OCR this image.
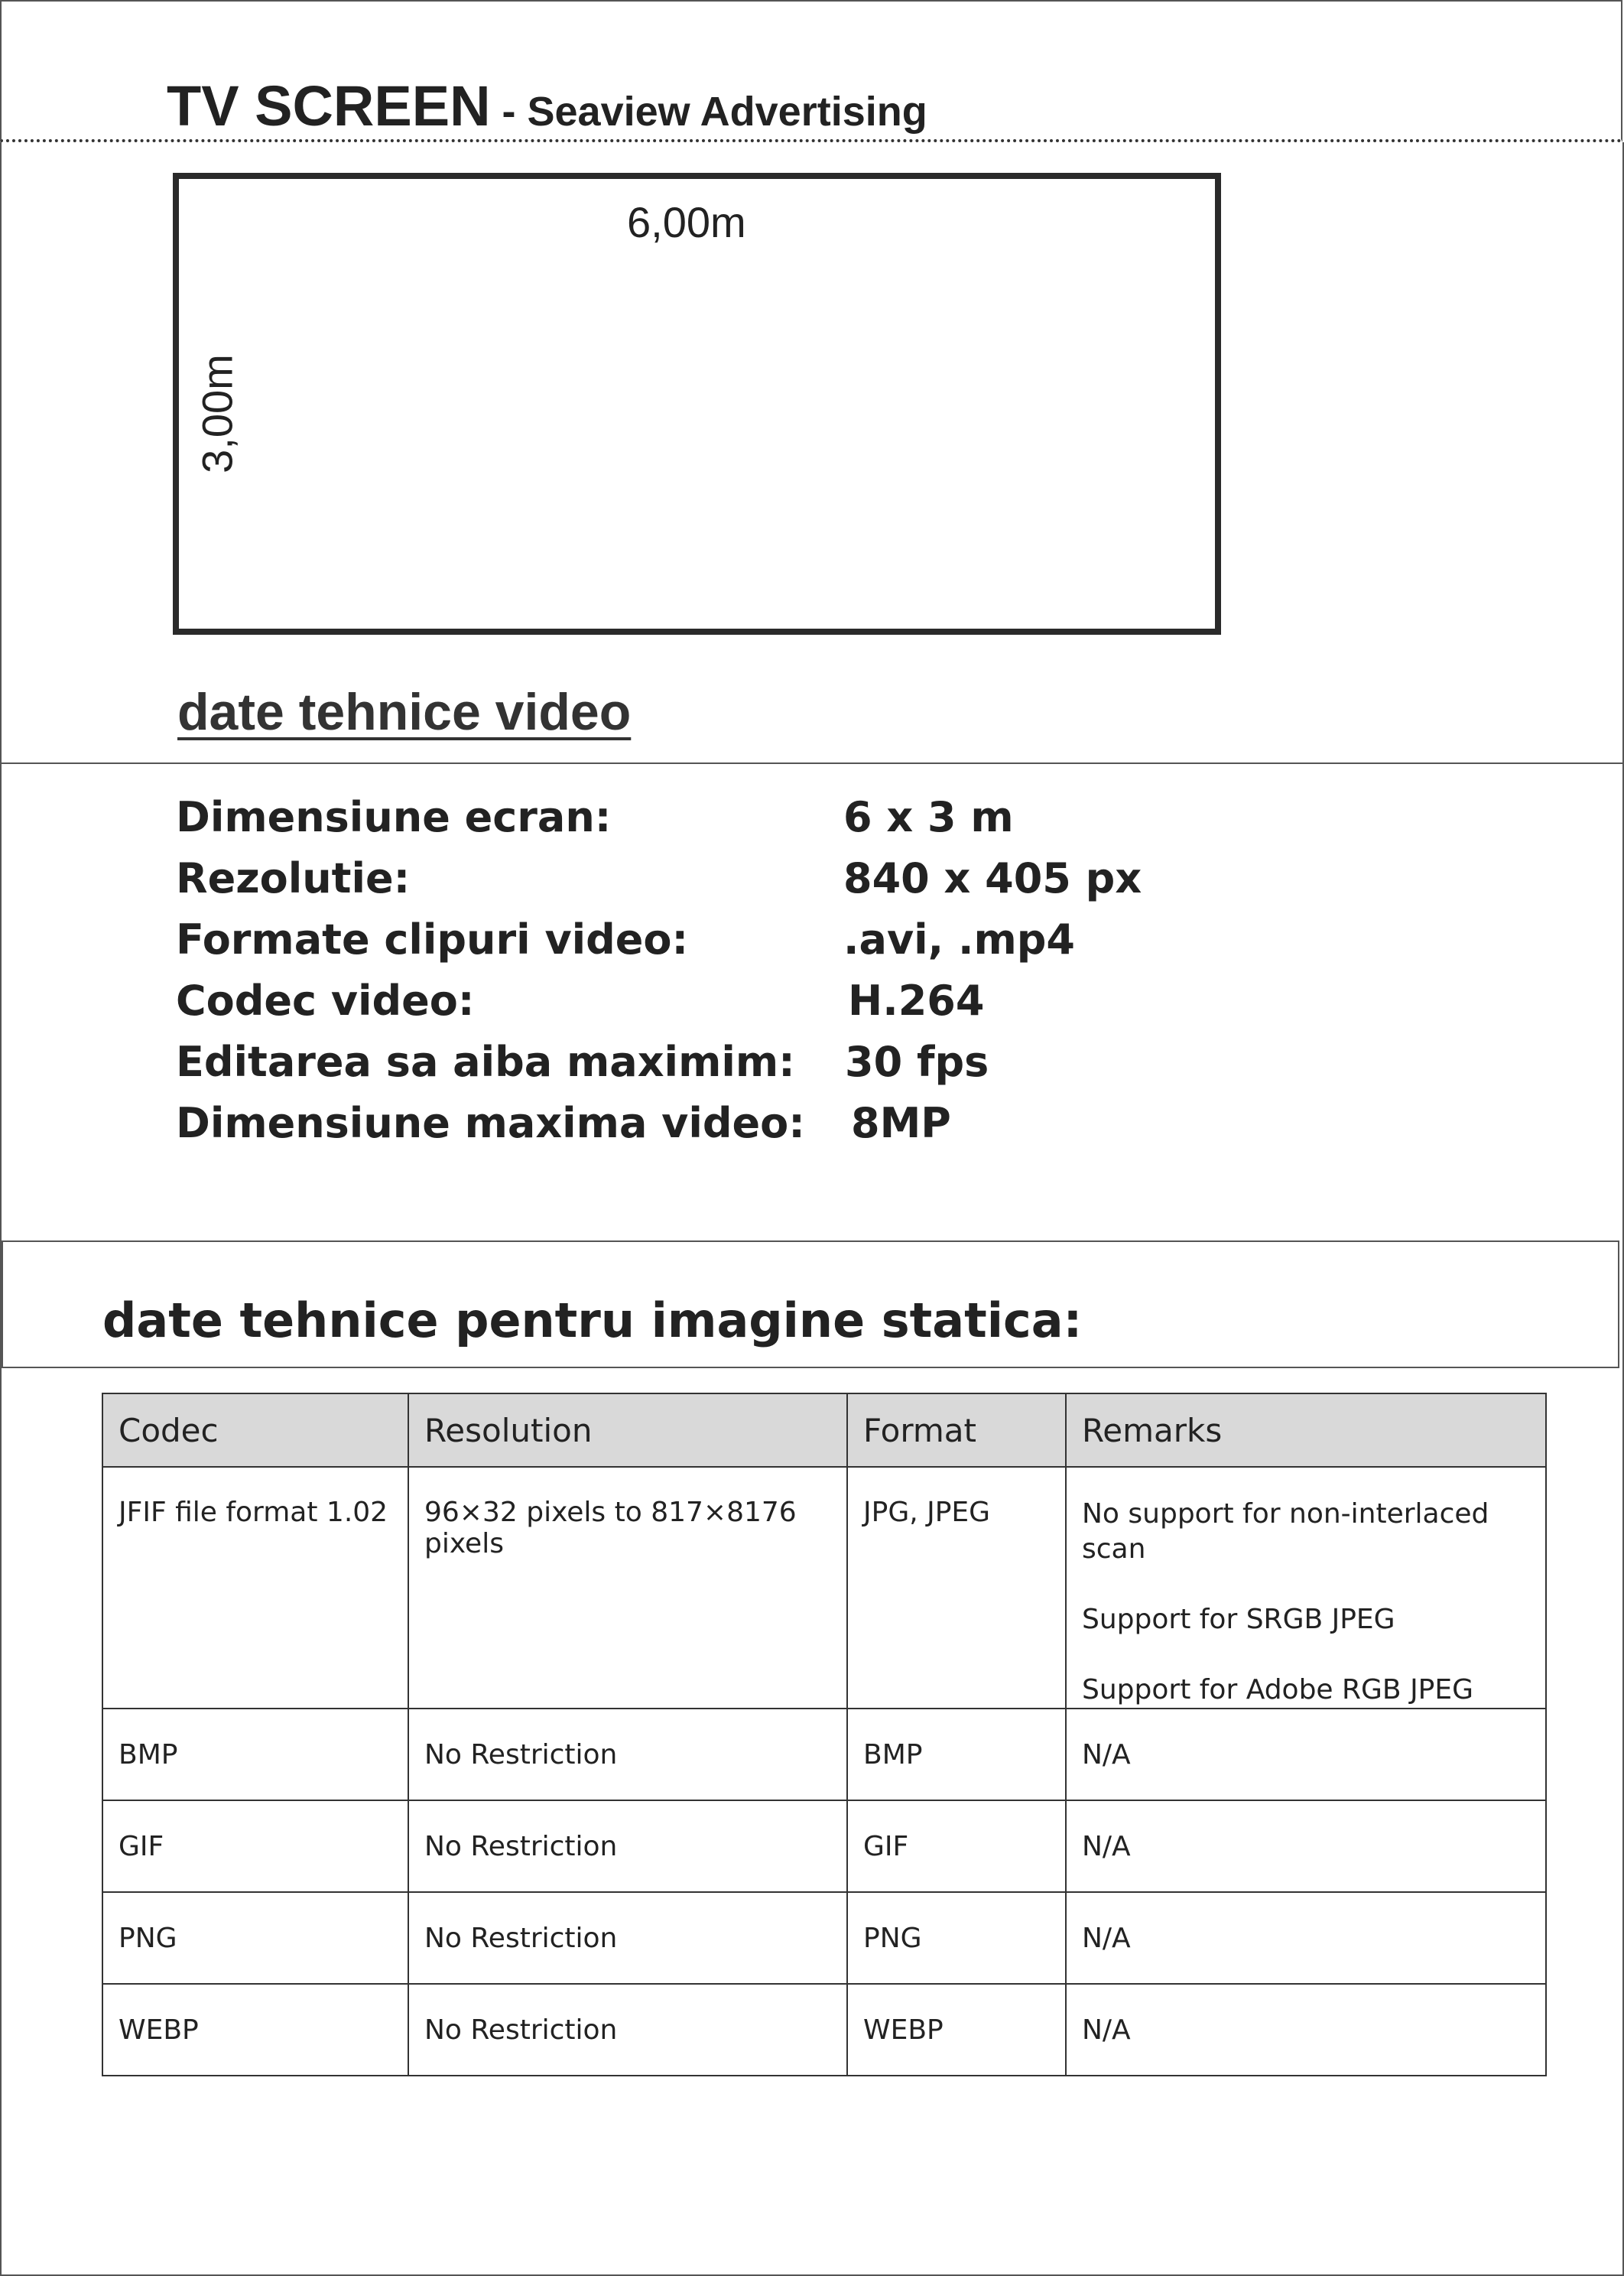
TV SCREEN - Seaview Advertising
6,00m
3,00m
date tehnice video
Dimensiune ecran:	6 x 3 m
Rezolutie:	840 x 405 px
Formate clipuri video:	.avi, .mp4
Codec video:	H.264
Editarea sa aiba maximim: 30 fps
Dimensiune maxima video: 8MP
date tehnice pentru imagine statica:
Codec	Resolution	Format	Remarks
JFIF file format 1.02	96×32 pixels to 817×8176 pixels	JPG, JPEG	No support for non-interlaced scan
Support for SRGB JPEG
Support for Adobe RGB JPEG

BMP	No Restriction	BMP	N/A
GIF	No Restriction	GIF	N/A
PNG	No Restriction	PNG	N/A
WEBP	No Restriction	WEBP	N/A
